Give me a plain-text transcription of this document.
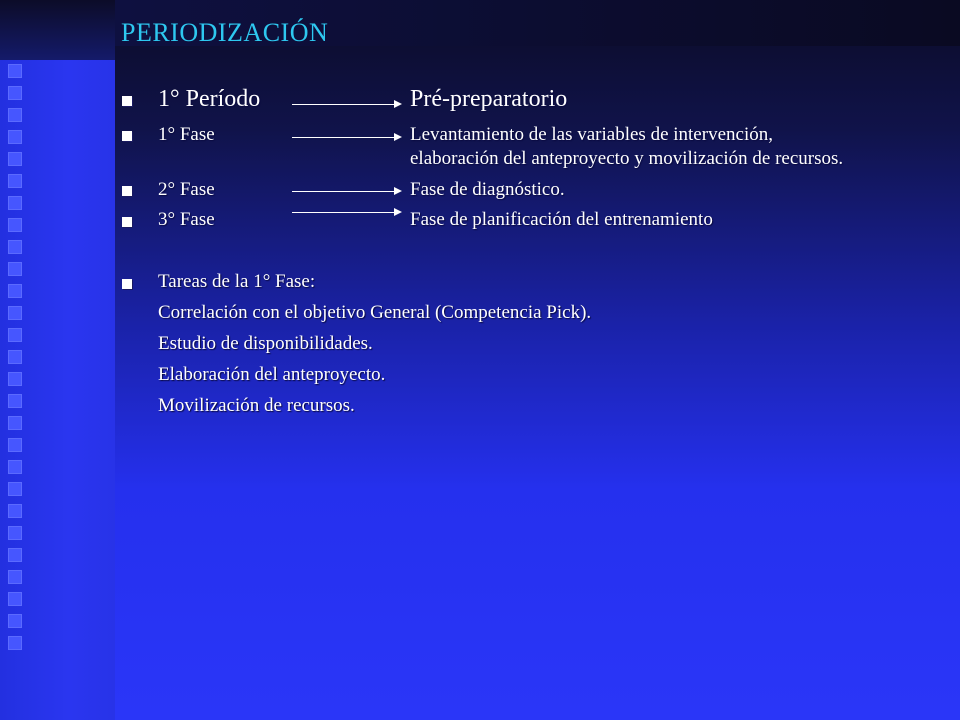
PERIODIZACIÓN
1° Período	Pré-preparatorio
1° Fase	Levantamiento de las variables de intervención,
elaboración del anteproyecto y movilización de recursos.
2° Fase	Fase de diagnóstico.
3° Fase	Fase de planificación del entrenamiento
Tareas de la 1° Fase:
Correlación con el objetivo General (Competencia Pick).
Estudio de disponibilidades.
Elaboración del anteproyecto.
Movilización de recursos.
